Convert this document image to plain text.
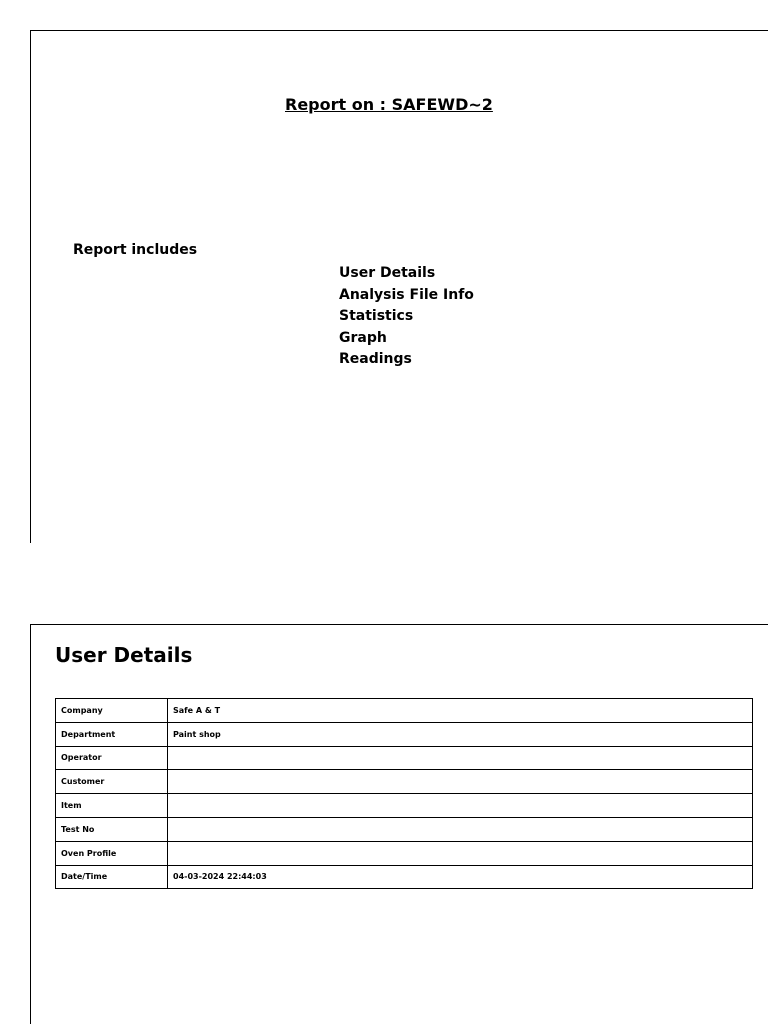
Report on : SAFEWD~2
Report includes
User Details
Analysis File Info
Statistics
Graph
Readings
User Details
Company	Safe A & T
Department	Paint shop
Operator	
Customer	
Item	
Test No	
Oven Profile	
Date/Time	04-03-2024 22:44:03
